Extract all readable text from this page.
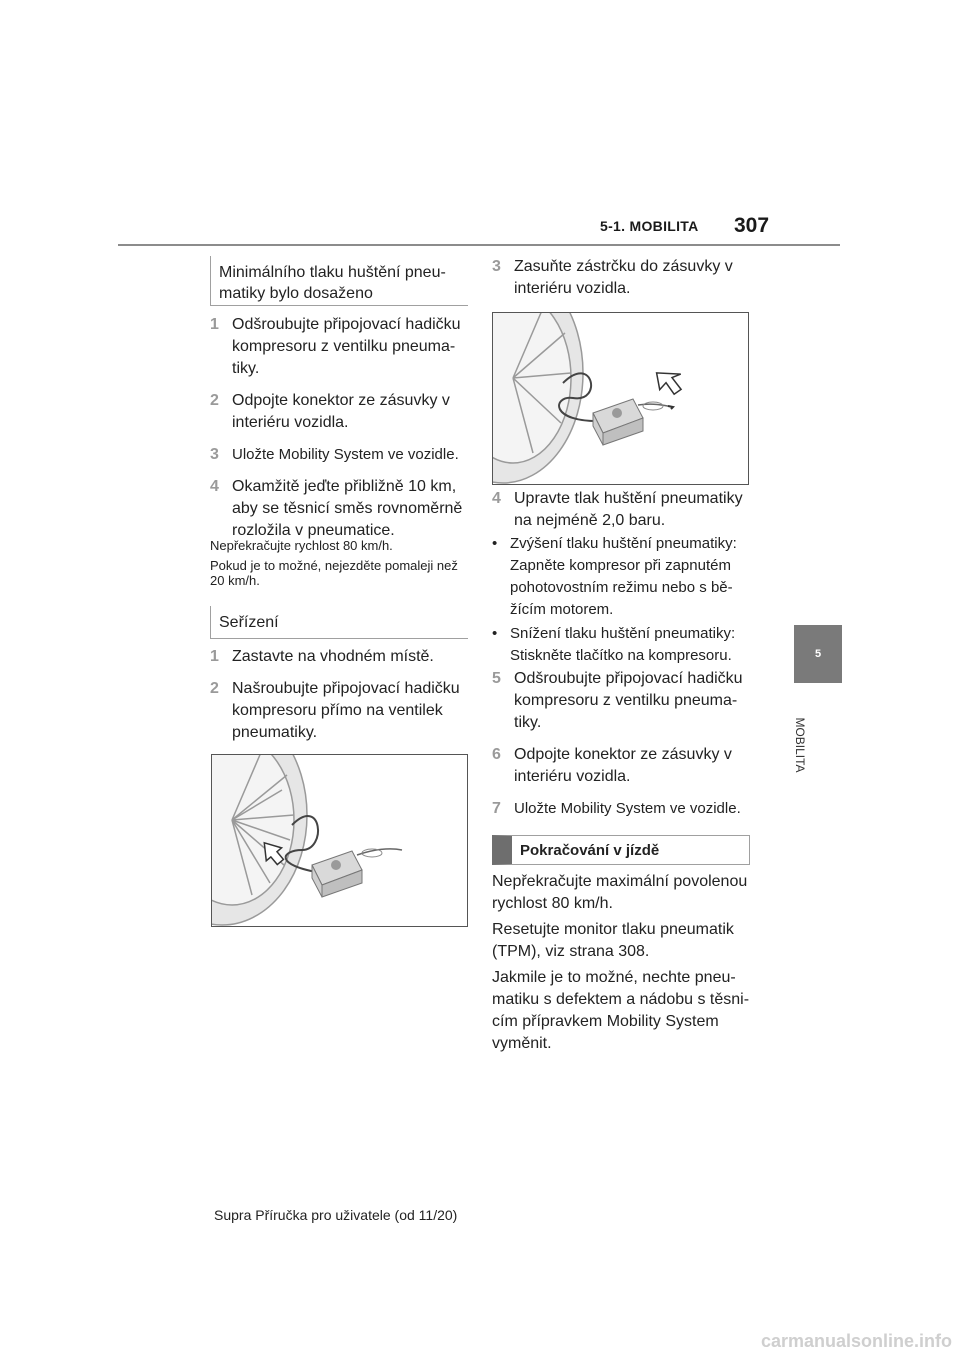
5-1. MOBILITA 307
5
MOBILITA
Minimálního tlaku huštění pneu- matiky bylo dosaženo
1 Odšroubujte připojovací hadičku kompresoru z ventilku pneuma- tiky.
2 Odpojte konektor ze zásuvky v interiéru vozidla.
3 Uložte Mobility System ve vozidle.
4 Okamžitě jeďte přibližně 10 km, aby se těsnicí směs rovnoměrně rozložila v pneumatice.
Nepřekračujte rychlost 80 km/h.
Pokud je to možné, nejezděte pomaleji než 20 km/h.
Seřízení
1 Zastavte na vhodném místě.
2 Našroubujte připojovací hadičku kompresoru přímo na ventilek pneumatiky.
3 Zasuňte zástrčku do zásuvky v interiéru vozidla.
4 Upravte tlak huštění pneumatiky na nejméně 2,0 baru.
• Zvýšení tlaku huštění pneumatiky: Zapněte kompresor při zapnutém pohotovostním režimu nebo s bě- žícím motorem.
• Snížení tlaku huštění pneumatiky: Stiskněte tlačítko na kompresoru.
5 Odšroubujte připojovací hadičku kompresoru z ventilku pneuma- tiky.
6 Odpojte konektor ze zásuvky v interiéru vozidla.
7 Uložte Mobility System ve vozidle.
Pokračování v jízdě
Nepřekračujte maximální povolenou rychlost 80 km/h.
Resetujte monitor tlaku pneumatik (TPM), viz strana 308.
Jakmile je to možné, nechte pneu- matiku s defektem a nádobu s těsni- cím přípravkem Mobility System vyměnit.
Supra Příručka pro uživatele (od 11/20)
carmanualsonline.info
